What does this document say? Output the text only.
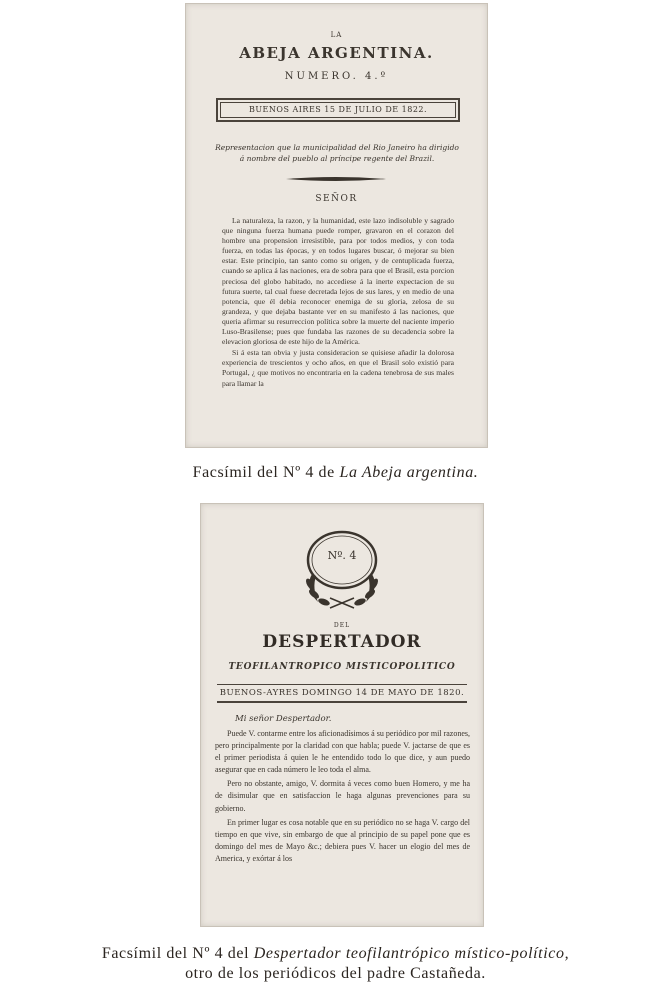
LA
ABEJA ARGENTINA.
NUMERO. 4.º
BUENOS AIRES 15 DE JULIO DE 1822.
Representacion que la municipalidad del Rio Janeiro ha dirigido á nombre del pueblo al príncipe regente del Brazil.
SEÑOR

La naturaleza, la razon, y la humanidad, este lazo indisoluble y sagrado que ninguna fuerza humana puede romper, gravaron en el corazon del hombre una propension irresistible, para por todos medios, y con toda fuerza, en todas las épocas, y en todos lugares buscar, ó mejorar su bien estar. Este principio, tan santo como su origen, y de centuplicada fuerza, cuando se aplica á las naciones, era de sobra para que el Brasil, esta porcion preciosa del globo habitado, no accediese á la inerte expectacion de su futura suerte, tal cual fuese decretada lejos de sus lares, y en medio de una potencia, que él debia reconocer enemiga de su gloria, zelosa de su grandeza, y que dejaba bastante ver en su manifesto á las naciones, que queria afirmar su resurreccion política sobre la muerte del naciente imperio Luso-Brasilense; pues que fundaba las razones de su decadencia sobre la elevacion gloriosa de este hijo de la América.

Si á esta tan obvia y justa consideracion se quisiese añadir la dolorosa experiencia de trescientos y ocho años, en que el Brasil solo existió para Portugal, ¿ que motivos no encontraria en la cadena tenebrosa de sus males para llamar la

Facsímil del Nº 4 de La Abeja argentina.
Nº. 4
DEL
DESPERTADOR
TEOFILANTROPICO MISTICOPOLITICO
BUENOS-AYRES DOMINGO 14 DE MAYO DE 1820.
Mi señor Despertador.

Puede V. contarme entre los aficionadísimos á su periódico por mil razones, pero principalmente por la claridad con que habla; puede V. jactarse de que es el primer periodista á quien le he entendido todo lo que dice, y aun puedo asegurar que en cada número le leo toda el alma.

Pero no obstante, amigo, V. dormita á veces como buen Homero, y me ha de disimular que en satisfaccion le haga algunas prevenciones para su gobierno.

En primer lugar es cosa notable que en su periódico no se haga V. cargo del tiempo en que vive, sin embargo de que al principio de su papel pone que es domingo del mes de Mayo &c.; debiera pues V. hacer un elogio del mes de America, y exórtar á los

Facsímil del Nº 4 del Despertador teofilantrópico místico-político,
otro de los periódicos del padre Castañeda.
